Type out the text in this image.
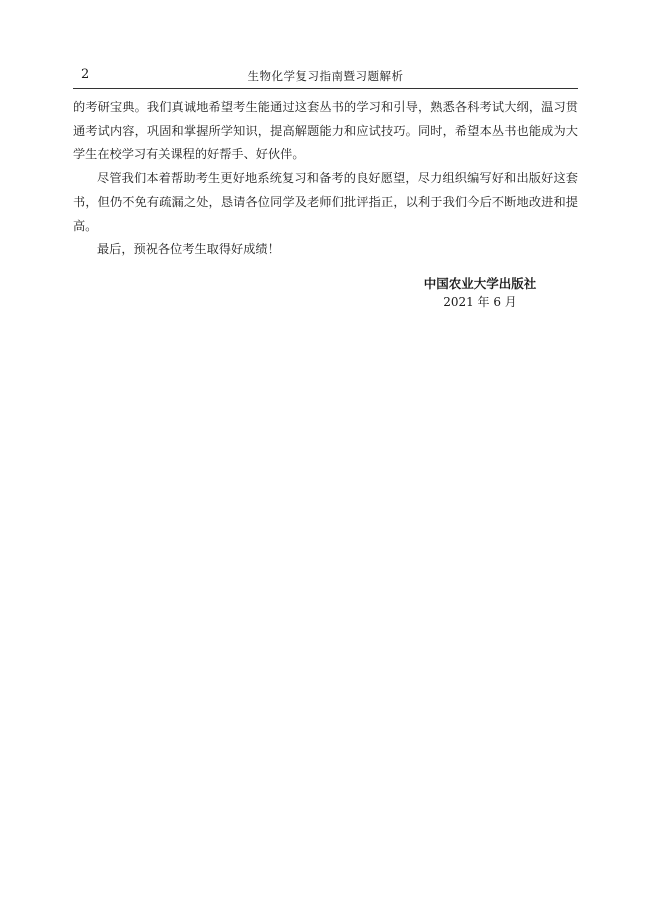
2	生物化学复习指南暨习题解析

的考研宝典。我们真诚地希望考生能通过这套丛书的学习和引导，熟悉各科考试大纲，温习贯通考试内容，巩固和掌握所学知识，提高解题能力和应试技巧。同时，希望本丛书也能成为大学生在校学习有关课程的好帮手、好伙伴。

尽管我们本着帮助考生更好地系统复习和备考的良好愿望，尽力组织编写好和出版好这套书，但仍不免有疏漏之处，恳请各位同学及老师们批评指正，以利于我们今后不断地改进和提高。

最后，预祝各位考生取得好成绩！

中国农业大学出版社
2021 年 6 月
